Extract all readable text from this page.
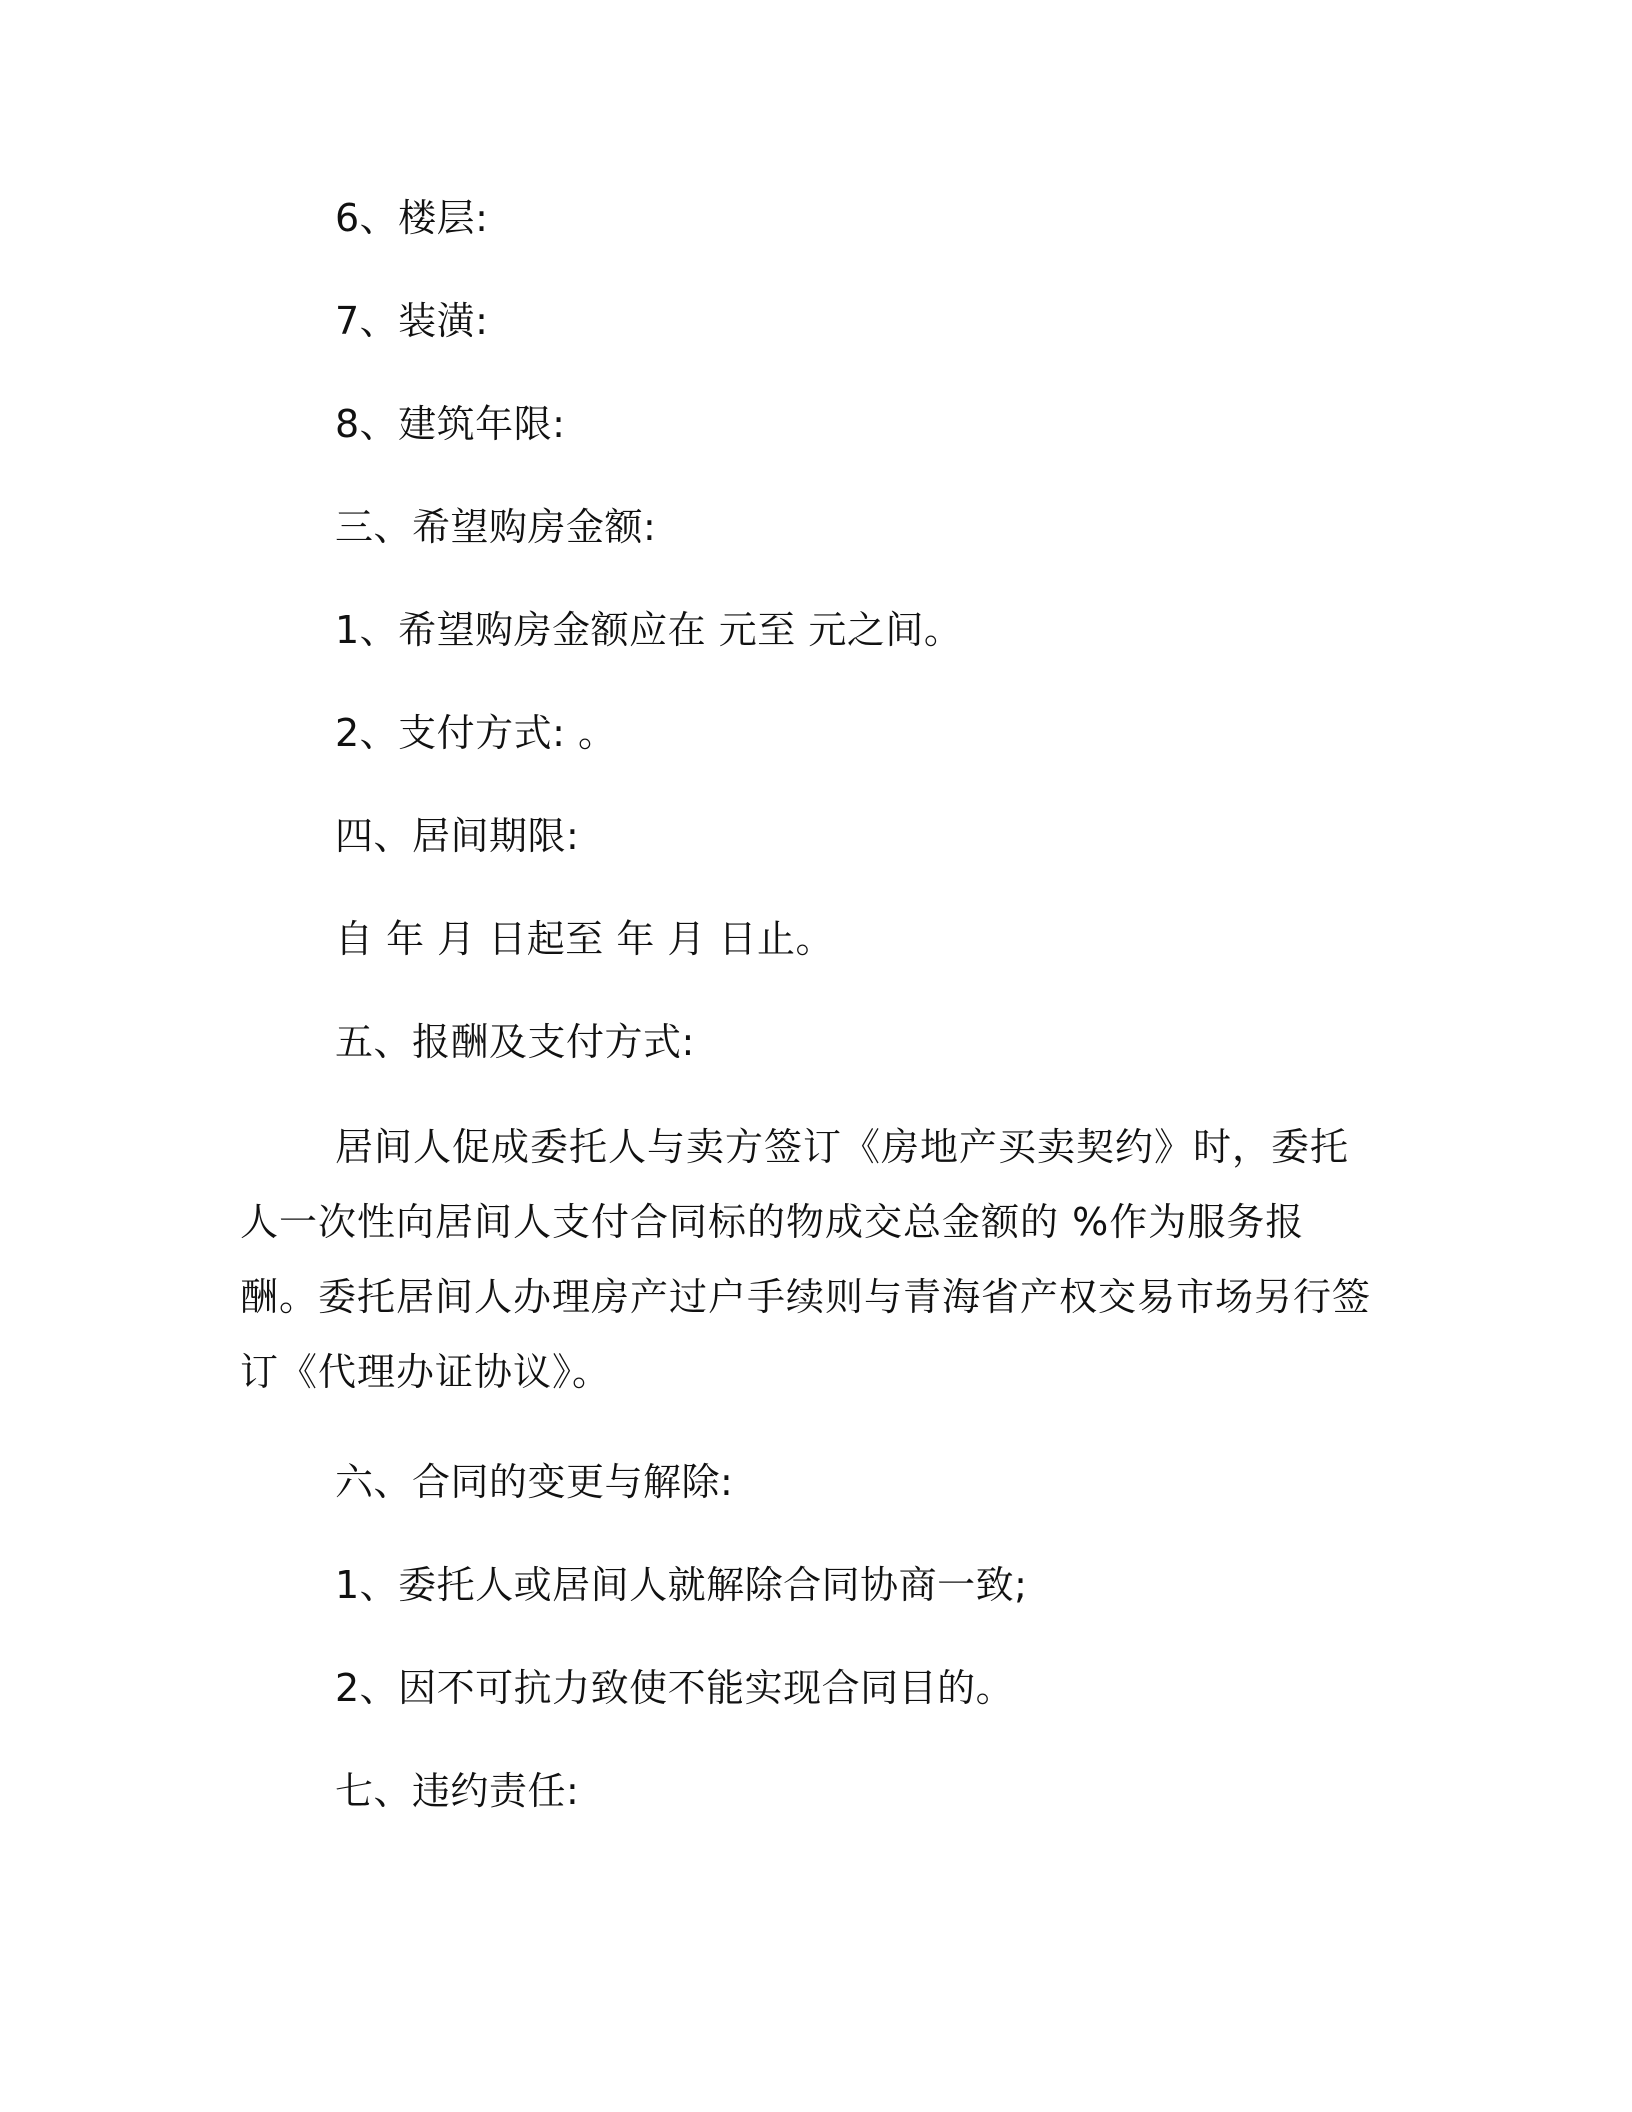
6、楼层:
7、装潢:
8、建筑年限:
三、希望购房金额:
1、希望购房金额应在 元至 元之间。
2、支付方式: 。
四、居间期限:
自 年 月 日起至 年 月 日止。
五、报酬及支付方式:
居间人促成委托人与卖方签订《房地产买卖契约》时，委托人一次性向居间人支付合同标的物成交总金额的 %作为服务报酬。委托居间人办理房产过户手续则与青海省产权交易市场另行签订《代理办证协议》。
六、合同的变更与解除:
1、委托人或居间人就解除合同协商一致;
2、因不可抗力致使不能实现合同目的。
七、违约责任:
